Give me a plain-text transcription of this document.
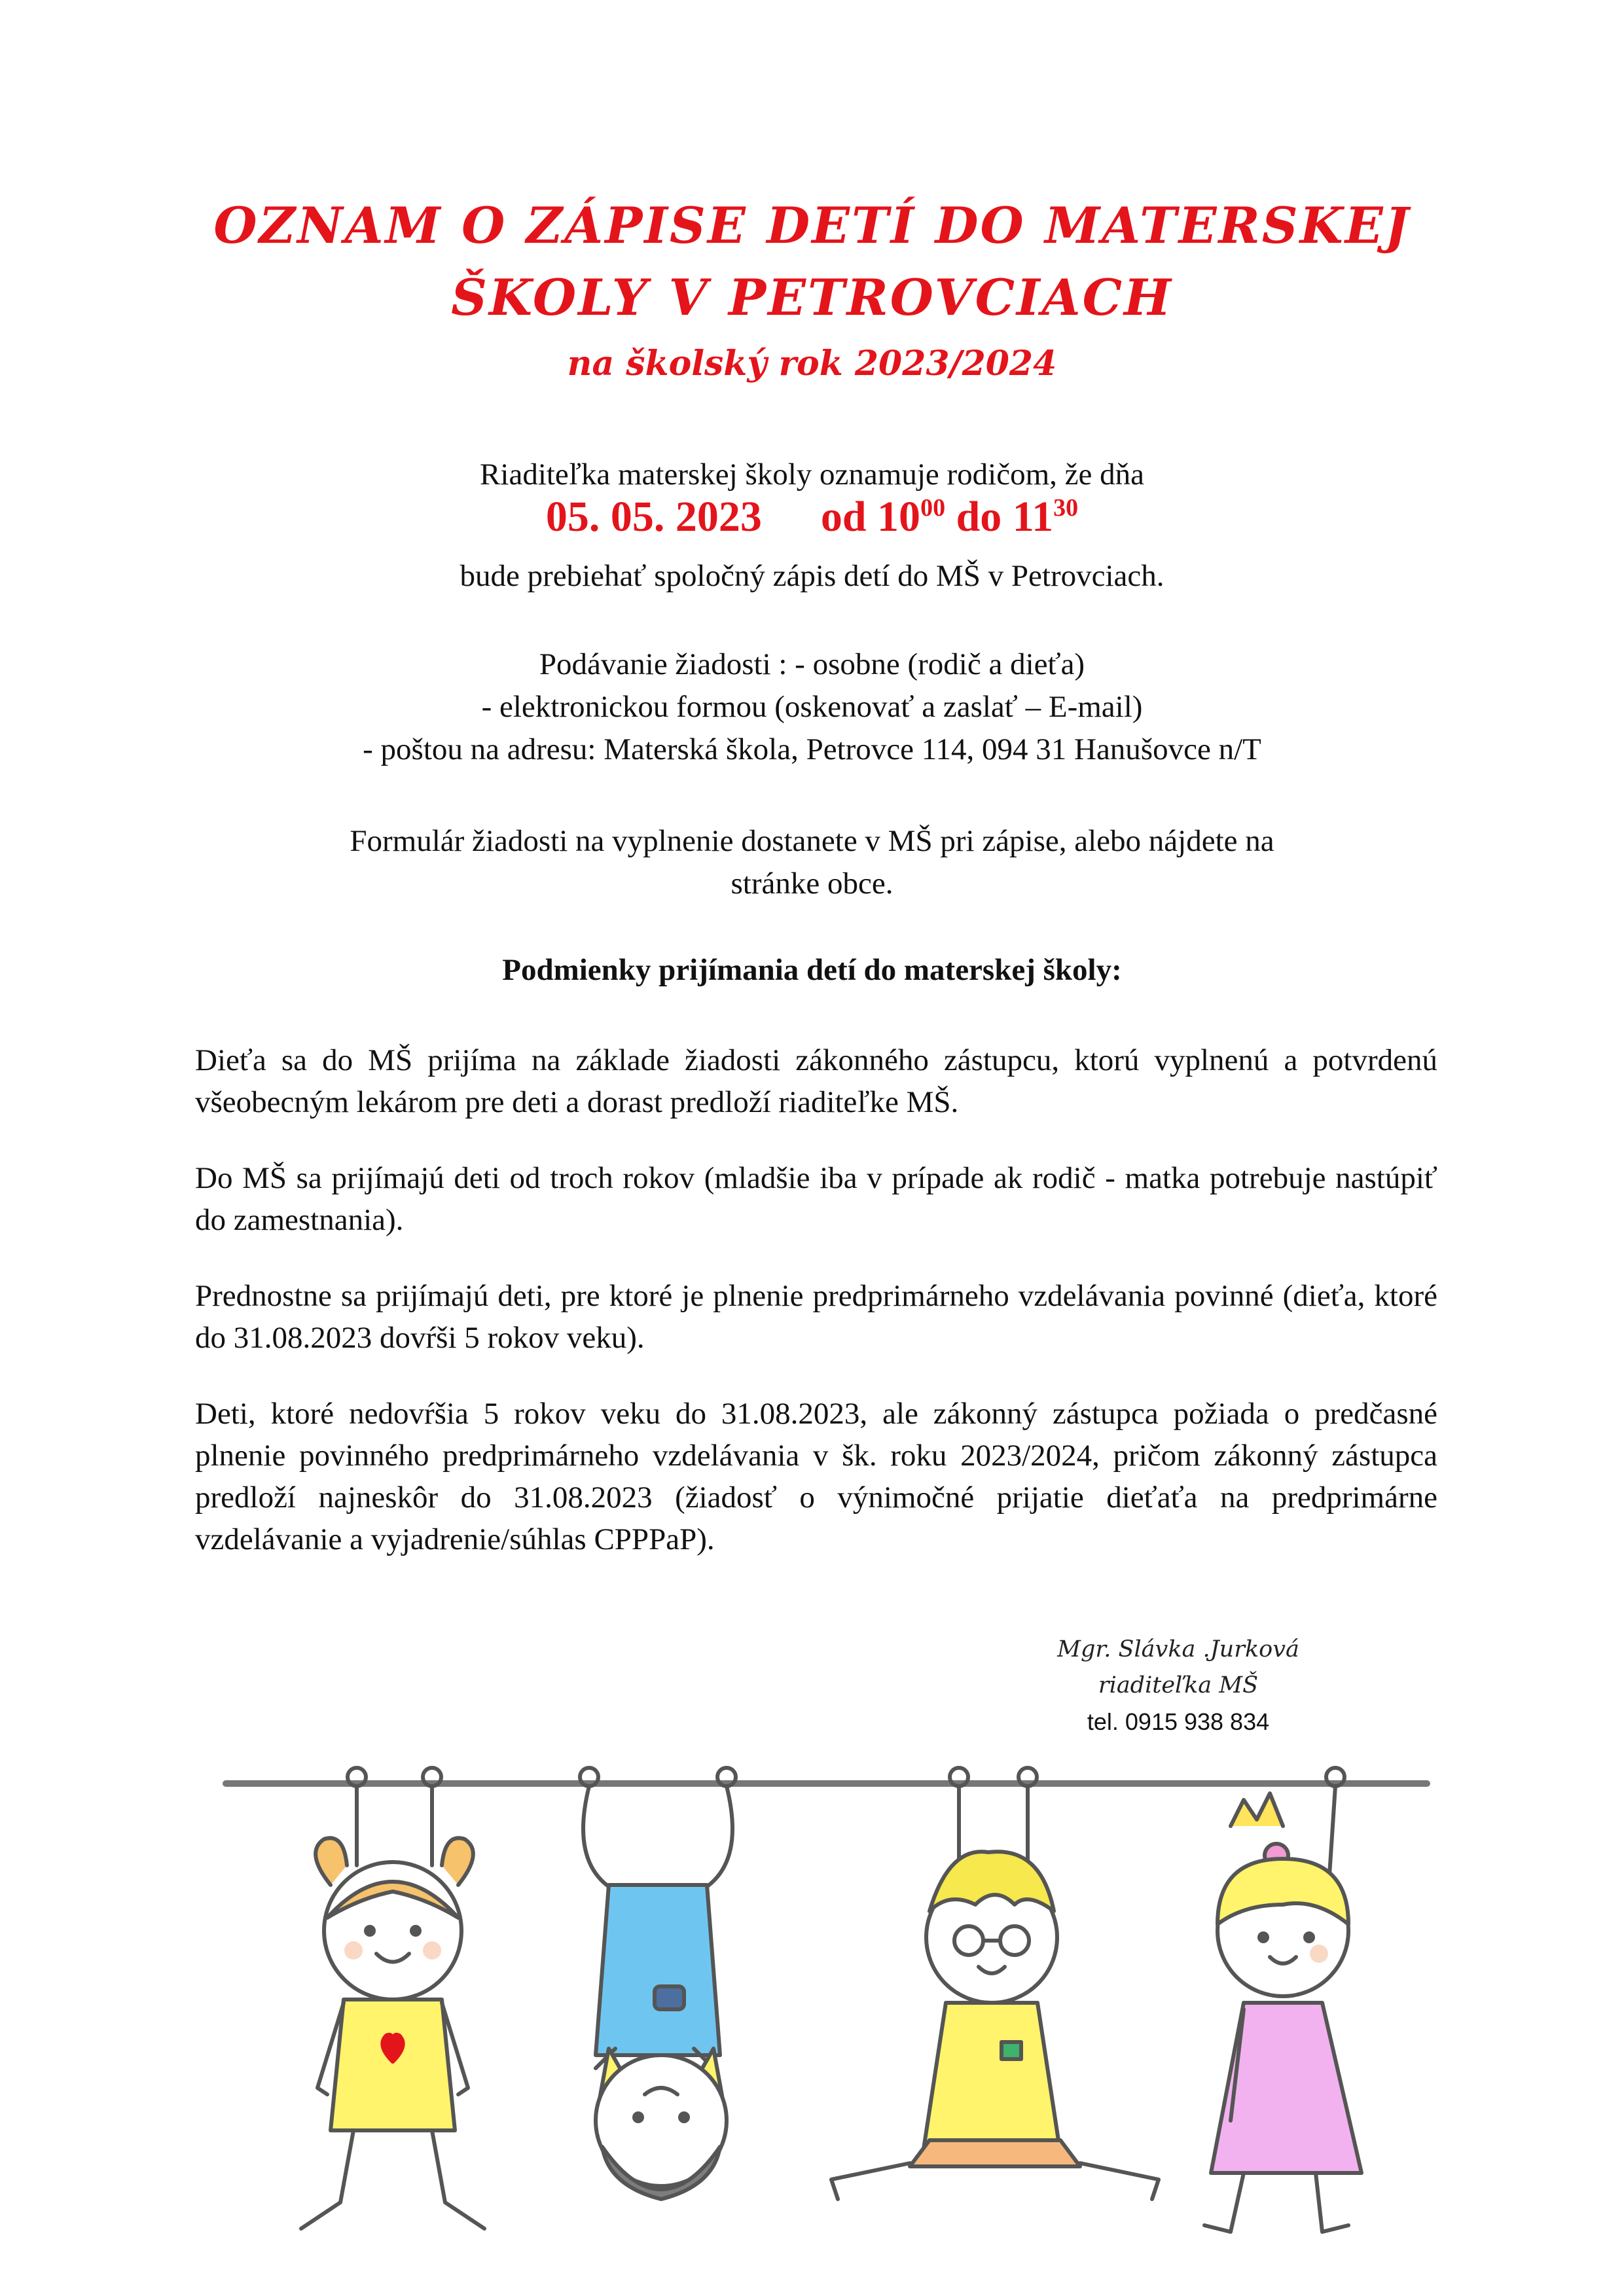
OZNAM O ZÁPISE DETÍ DO MATERSKEJ
ŠKOLY V PETROVCIACH
na školský rok 2023/2024
Riaditeľka materskej školy oznamuje rodičom, že dňa
05. 05. 2023 od $10^{00}$ do $11^{30}$
bude prebiehať spoločný zápis detí do MŠ v Petrovciach.
Podávanie žiadosti : - osobne (rodič a dieťa)
- elektronickou formou (oskenovať a zaslať – E-mail)
- poštou na adresu: Materská škola, Petrovce 114, 094 31 Hanušovce n/T
Formulár žiadosti na vyplnenie dostanete v MŠ pri zápise, alebo nájdete na
stránke obce.
Podmienky prijímania detí do materskej školy:
Dieťa sa do MŠ prijíma na základe žiadosti zákonného zástupcu, ktorú vyplnenú a potvrdenú všeobecným lekárom pre deti a dorast predloží riaditeľke MŠ.
Do MŠ sa prijímajú deti od troch rokov (mladšie iba v prípade ak rodič - matka potrebuje nastúpiť do zamestnania).
Prednostne sa prijímajú deti, pre ktoré je plnenie predprimárneho vzdelávania povinné (dieťa, ktoré do 31.08.2023 dovŕši 5 rokov veku).
Deti, ktoré nedovŕšia 5 rokov veku do 31.08.2023, ale zákonný zástupca požiada o predčasné plnenie povinného predprimárneho vzdelávania v šk. roku 2023/2024, pričom zákonný zástupca predloží najneskôr do 31.08.2023 (žiadosť o výnimočné prijatie dieťaťa na predprimárne vzdelávanie a vyjadrenie/súhlas CPPPaP).
Mgr. Slávka .Jurková
riaditeľka MŠ
tel. 0915 938 834
